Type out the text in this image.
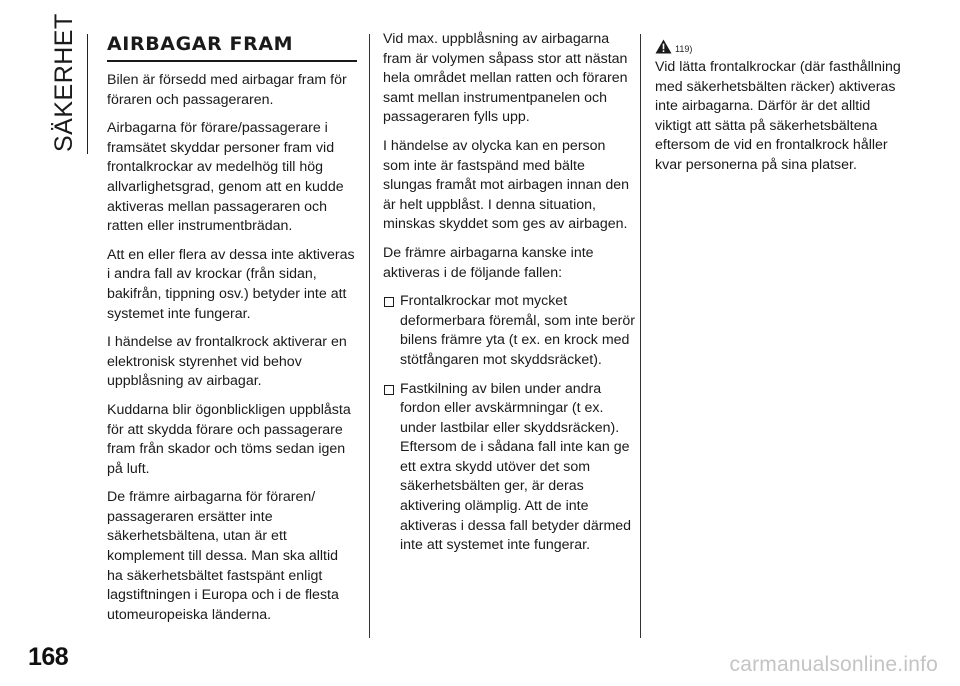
SÄKERHET AIRBAGAR FRAM

Bilen är försedd med airbagar fram för föraren och passageraren.

Airbagarna för förare/passagerare i framsätet skyddar personer fram vid frontalkrockar av medelhög till hög allvarlighetsgrad, genom att en kudde aktiveras mellan passageraren och ratten eller instrumentbrädan.

Att en eller flera av dessa inte aktiveras i andra fall av krockar (från sidan, bakifrån, tippning osv.) betyder inte att systemet inte fungerar.

I händelse av frontalkrock aktiverar en elektronisk styrenhet vid behov uppblåsning av airbagar.

Kuddarna blir ögonblickligen uppblåsta för att skydda förare och passagerare fram från skador och töms sedan igen på luft.

De främre airbagarna för föraren/ passageraren ersätter inte säkerhetsbältena, utan är ett komplement till dessa. Man ska alltid ha säkerhetsbältet fastspänt enligt lagstiftningen i Europa och i de flesta utomeuropeiska länderna.

Vid max. uppblåsning av airbagarna fram är volymen såpass stor att nästan hela området mellan ratten och föraren samt mellan instrumentpanelen och passageraren fylls upp.

I händelse av olycka kan en person som inte är fastspänd med bälte slungas framåt mot airbagen innan den är helt uppblåst. I denna situation, minskas skyddet som ges av airbagen.

De främre airbagarna kanske inte aktiveras i de följande fallen:

Frontalkrockar mot mycket deformerbara föremål, som inte berör bilens främre yta (t ex. en krock med stötfångaren mot skyddsräcket).
Fastkilning av bilen under andra fordon eller avskärmningar (t ex. under lastbilar eller skyddsräcken). Eftersom de i sådana fall inte kan ge ett extra skydd utöver det som säkerhetsbälten ger, är deras aktivering olämplig. Att de inte aktiveras i dessa fall betyder därmed inte att systemet inte fungerar.
119)

Vid lätta frontalkrockar (där fasthållning med säkerhetsbälten räcker) aktiveras inte airbagarna. Därför är det alltid viktigt att sätta på säkerhetsbältena eftersom de vid en frontalkrock håller kvar personerna på sina platser.

168	carmanualsonline.info
